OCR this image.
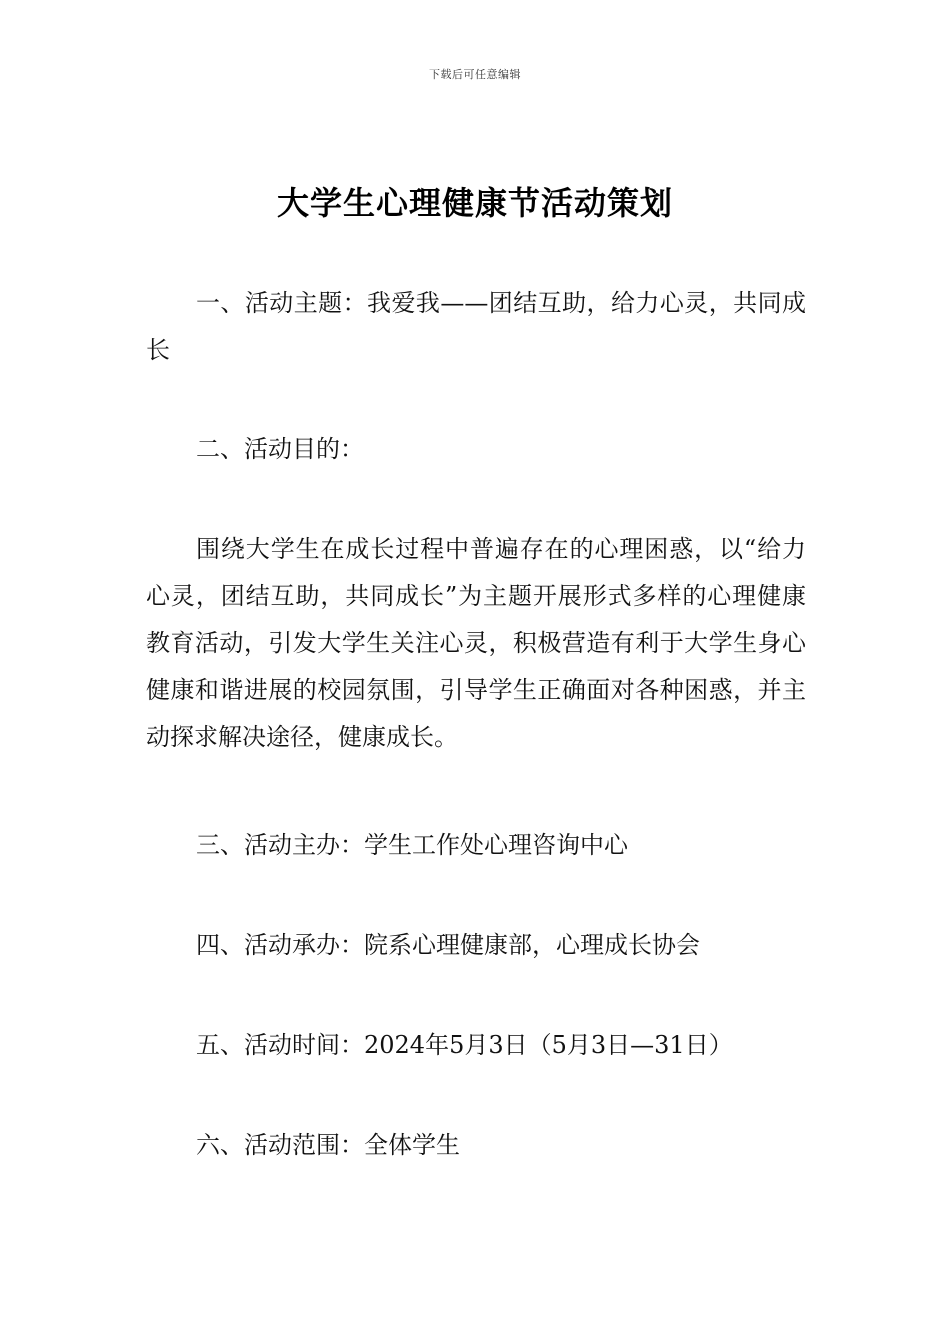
下载后可任意编辑
大学生心理健康节活动策划

一、活动主题：我爱我——团结互助，给力心灵，共同成长

二、活动目的：

围绕大学生在成长过程中普遍存在的心理困惑，以“给力心灵，团结互助，共同成长”为主题开展形式多样的心理健康教育活动，引发大学生关注心灵，积极营造有利于大学生身心健康和谐进展的校园氛围，引导学生正确面对各种困惑，并主动探求解决途径，健康成长。

三、活动主办：学生工作处心理咨询中心

四、活动承办：院系心理健康部，心理成长协会

五、活动时间：2024年5月3日（5月3日—31日）

六、活动范围：全体学生
